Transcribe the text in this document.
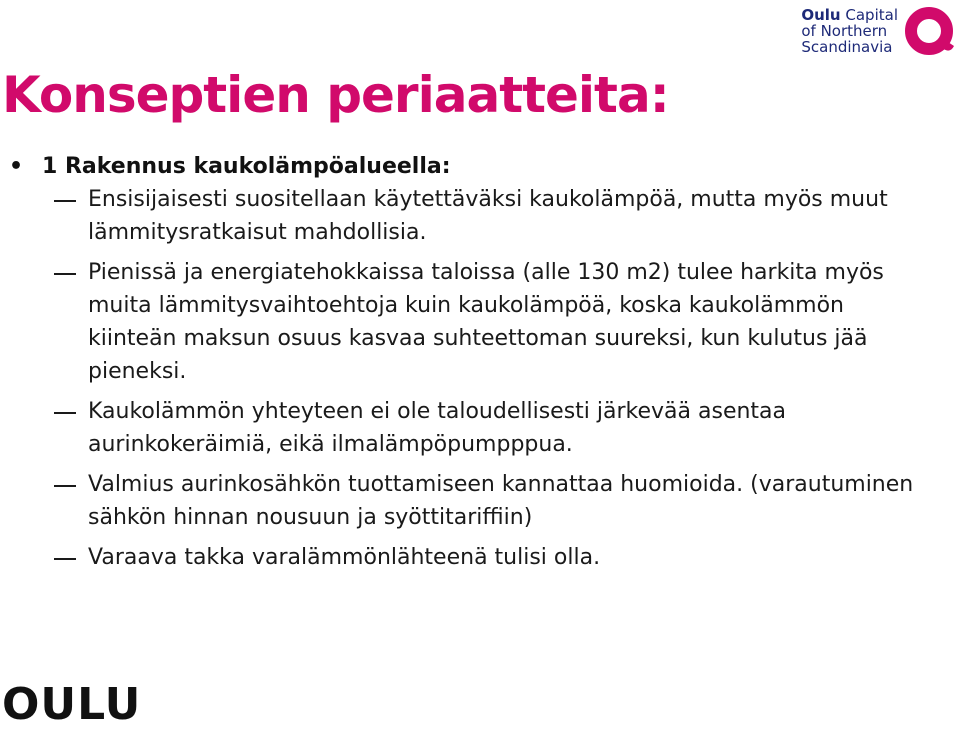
Oulu Capital
of Northern
Scandinavia
Konseptien periaatteita:
• 1 Rakennus kaukolämpöalueella:
Ensisijaisesti suositellaan käytettäväksi kaukolämpöä, mutta myös muut lämmitysratkaisut mahdollisia.
Pienissä ja energiatehokkaissa taloissa (alle 130 m2) tulee harkita myös muita lämmitysvaihtoehtoja kuin kaukolämpöä, koska kaukolämmön kiinteän maksun osuus kasvaa suhteettoman suureksi, kun kulutus jää pieneksi.
Kaukolämmön yhteyteen ei ole taloudellisesti järkevää asentaa aurinkokeräimiä, eikä ilmalämpöpumpppua.
Valmius aurinkosähkön tuottamiseen kannattaa huomioida. (varautuminen sähkön hinnan nousuun ja syöttitariffiin)
Varaava takka varalämmönlähteenä tulisi olla.
OULU
